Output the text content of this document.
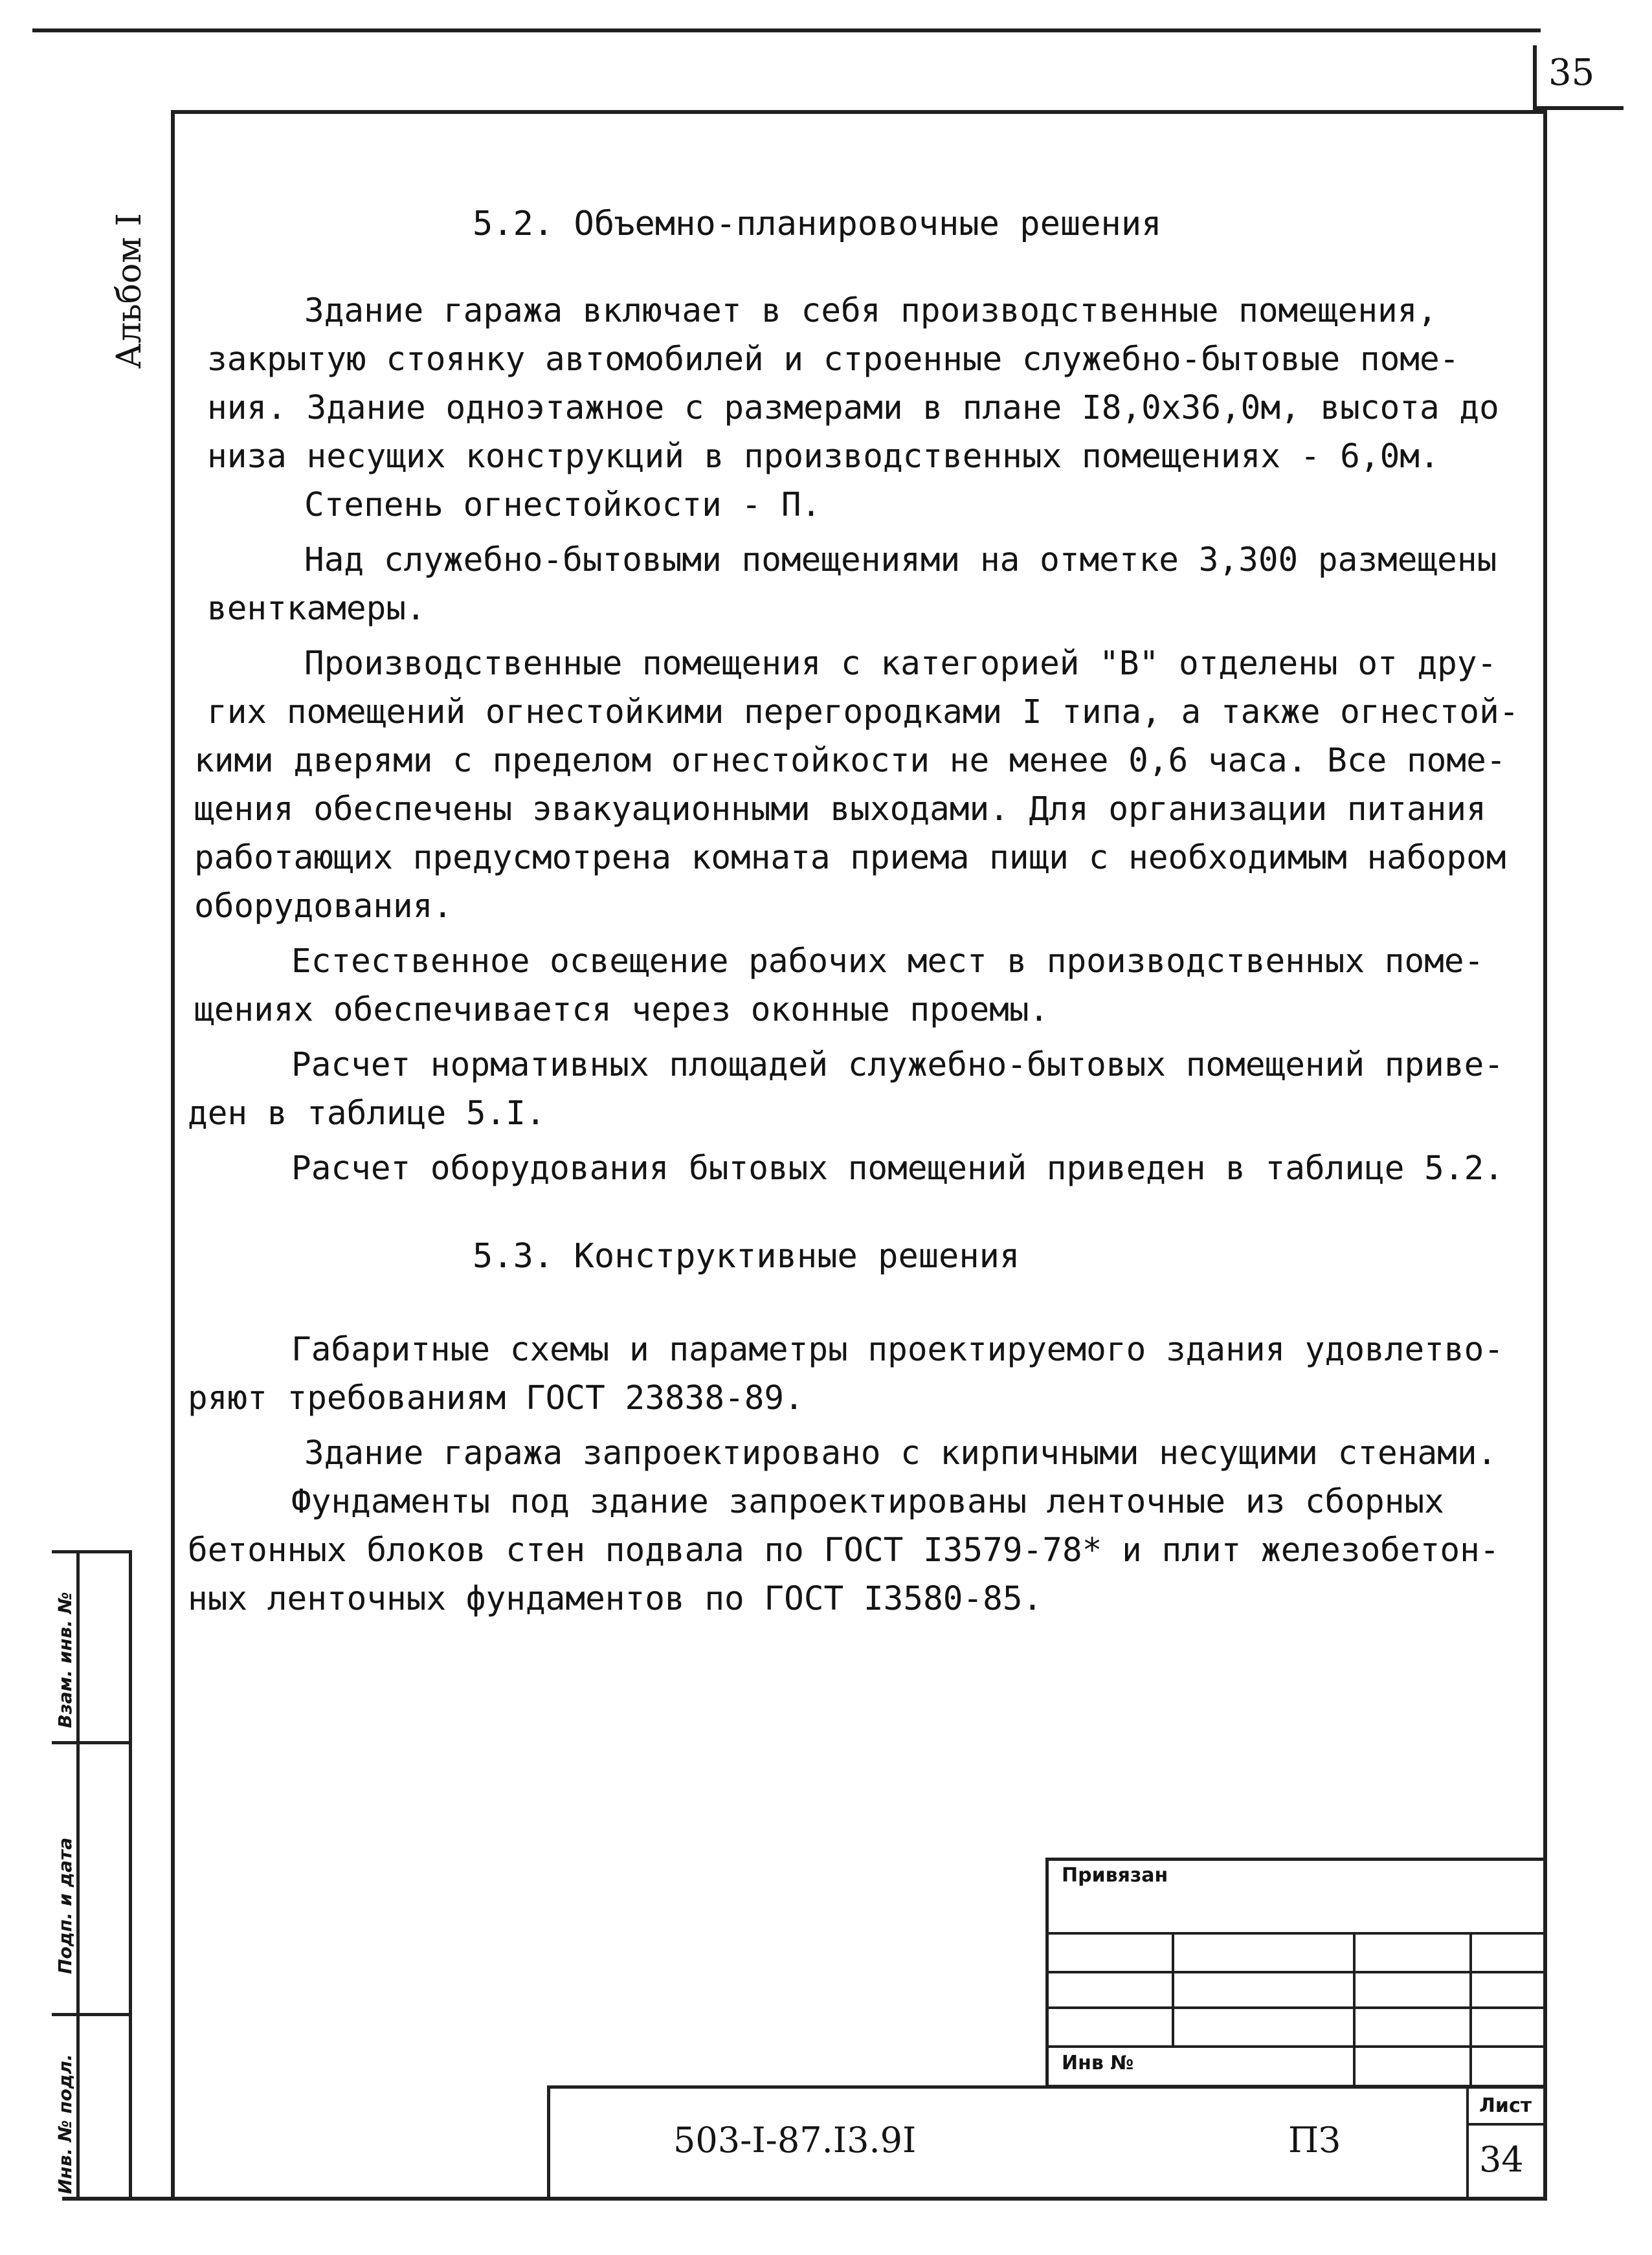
35
Альбом I
Взам. инв. №
Подп. и дата
Инв. № подл.
5.2. Объемно-планировочные решения
Здание гаража включает в себя производственные помещения,
закрытую стоянку автомобилей и строенные служебно-бытовые поме-
ния. Здание одноэтажное с размерами в плане I8,0х36,0м, высота до
низа несущих конструкций в производственных помещениях - 6,0м.
Степень огнестойкости - П.
Над служебно-бытовыми помещениями на отметке 3,300 размещены
венткамеры.
Производственные помещения с категорией "В" отделены от дру-
гих помещений огнестойкими перегородками I типа, а также огнестой-
кими дверями с пределом огнестойкости не менее 0,6 часа. Все поме-
щения обеспечены эвакуационными выходами. Для организации питания
работающих предусмотрена комната приема пищи с необходимым набором
оборудования.
Естественное освещение рабочих мест в производственных поме-
щениях обеспечивается через оконные проемы.
Расчет нормативных площадей служебно-бытовых помещений приве-
ден в таблице 5.I.
Расчет оборудования бытовых помещений приведен в таблице 5.2.
5.3. Конструктивные решения
Габаритные схемы и параметры проектируемого здания удовлетво-
ряют требованиям ГОСТ 23838-89.
Здание гаража запроектировано с кирпичными несущими стенами.
Фундаменты под здание запроектированы ленточные из сборных
бетонных блоков стен подвала по ГОСТ I3579-78* и плит железобетон-
ных ленточных фундаментов по ГОСТ I3580-85.
Привязан
Инв №
503-I-87.I3.9I	ПЗ
Лист
34
